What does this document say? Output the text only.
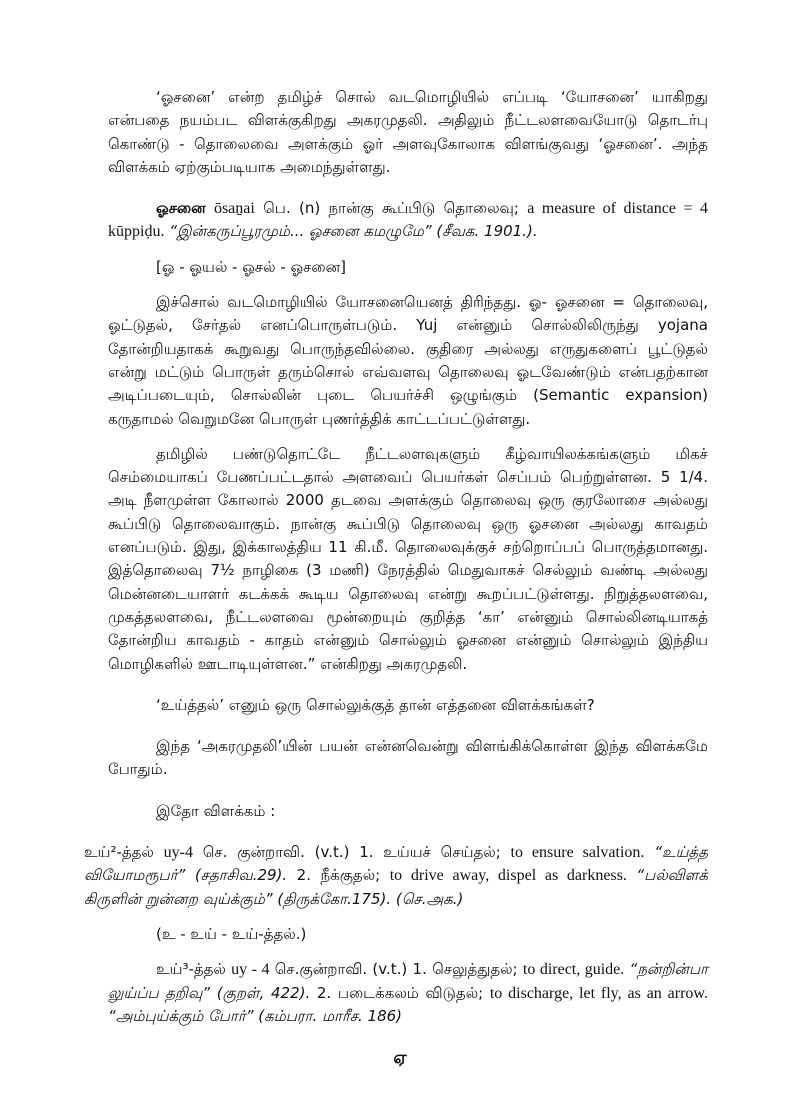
‘ஓசனை’ என்ற தமிழ்ச் சொல் வடமொழியில் எப்படி ‘யோசனை’ யாகிறது என்பதை நயம்பட விளக்குகிறது அகரமுதலி. அதிலும் நீட்டலளவையோடு தொடர்பு கொண்டு - தொலைவை அளக்கும் ஓர் அளவுகோலாக விளங்குவது ‘ஓசனை’. அந்த விளக்கம் ஏற்கும்படியாக அமைந்துள்ளது.

ஓசனை ōsaṉai பெ. (n) நான்கு கூப்பிடு தொலைவு; a measure of distance = 4 kūppiḍu. “இன்கருப்பூரமும்... ஓசனை கமழுமே” (சீவக. 1901.).

[ஓ - ஓயல் - ஓசல் - ஓசனை]

இச்சொல் வடமொழியில் யோசனையெனத் திரிந்தது. ஓ- ஓசனை = தொலைவு, ஓட்டுதல், சேர்தல் எனப்பொருள்படும். Yuj என்னும் சொல்லிலிருந்து yojana தோன்றியதாகக் கூறுவது பொருந்தவில்லை. குதிரை அல்லது எருதுகளைப் பூட்டுதல் என்று மட்டும் பொருள் தரும்சொல் எவ்வளவு தொலைவு ஓடவேண்டும் என்பதற்கான அடிப்படையும், சொல்லின் புடை பெயர்ச்சி ஒழுங்கும் (Semantic expansion) கருதாமல் வெறுமனே பொருள் புணர்த்திக் காட்டப்பட்டுள்ளது.

தமிழில் பண்டுதொட்டே நீட்டலளவுகளும் கீழ்வாயிலக்கங்களும் மிகச் செம்மையாகப் பேணப்பட்டதால் அளவைப் பெயர்கள் செப்பம் பெற்றுள்ளன. 5 1/4. அடி நீளமுள்ள கோலால் 2000 தடவை அளக்கும் தொலைவு ஒரு குரலோசை அல்லது கூப்பிடு தொலைவாகும். நான்கு கூப்பிடு தொலைவு ஒரு ஓசனை அல்லது காவதம் எனப்படும். இது, இக்காலத்திய 11 கி.மீ. தொலைவுக்குச் சற்றொப்பப் பொருத்தமானது. இத்தொலைவு 7½ நாழிகை (3 மணி) நேரத்தில் மெதுவாகச் செல்லும் வண்டி அல்லது மென்னடையாளர் கடக்கக் கூடிய தொலைவு என்று கூறப்பட்டுள்ளது. நிறுத்தலளவை, முகத்தலளவை, நீட்டலளவை மூன்றையும் குறித்த ‘கா’ என்னும் சொல்லினடியாகத் தோன்றிய காவதம் - காதம் என்னும் சொல்லும் ஓசனை என்னும் சொல்லும் இந்திய மொழிகளில் ஊடாடியுள்ளன.” என்கிறது அகரமுதலி.

‘உய்த்தல்’ எனும் ஒரு சொல்லுக்குத் தான் எத்தனை விளக்கங்கள்?

இந்த ‘அகரமுதலி’யின் பயன் என்னவென்று விளங்கிக்கொள்ள இந்த விளக்கமே போதும்.

இதோ விளக்கம் :

உய்²-த்தல் uy-4 செ. குன்றாவி. (v.t.) 1. உய்யச் செய்தல்; to ensure salvation. “உய்த்த வியோமரூபர்” (சதாசிவ.29). 2. நீக்குதல்; to drive away, dispel as darkness. “பல்விளக் கிருளின் றுன்னற வுய்க்கும்” (திருக்கோ.175). (செ.அக.)

(உ - உய் - உய்-த்தல்.)

உய்³-த்தல் uy - 4 செ.குன்றாவி. (v.t.) 1. செலுத்துதல்; to direct, guide. “நன்றின்பா லுய்ப்ப தறிவு” (குறள், 422). 2. படைக்கலம் விடுதல்; to discharge, let fly, as an arrow. “அம்புய்க்கும் போர்” (கம்பரா. மாரீச. 186)

ஏ
